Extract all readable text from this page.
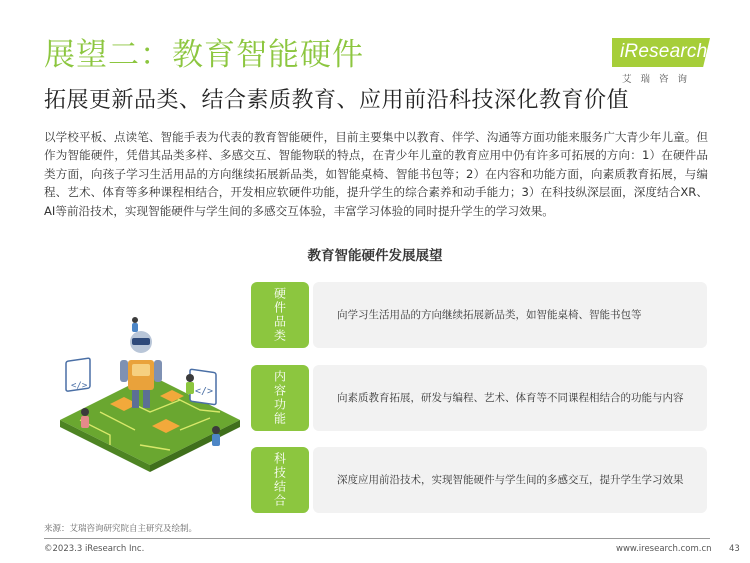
展望二：教育智能硬件
拓展更新品类、结合素质教育、应用前沿科技深化教育价值
iResearch
艾瑞咨询
以学校平板、点读笔、智能手表为代表的教育智能硬件，目前主要集中以教育、伴学、沟通等方面功能来服务广大青少年儿童。但作为智能硬件，凭借其品类多样、多感交互、智能物联的特点，在青少年儿童的教育应用中仍有许多可拓展的方向：1）在硬件品类方面，向孩子学习生活用品的方向继续拓展新品类，如智能桌椅、智能书包等；2）在内容和功能方面，向素质教育拓展，与编程、艺术、体育等多种课程相结合，开发相应软硬件功能，提升学生的综合素养和动手能力；3）在科技纵深层面，深度结合XR、AI等前沿技术，实现智能硬件与学生间的多感交互体验，丰富学习体验的同时提升学生的学习效果。
教育智能硬件发展展望
</>	</>
硬件品类	向学习生活用品的方向继续拓展新品类，如智能桌椅、智能书包等
内容功能	向素质教育拓展，研发与编程、艺术、体育等不同课程相结合的功能与内容
科技结合	深度应用前沿技术，实现智能硬件与学生间的多感交互，提升学生学习效果
来源：艾瑞咨询研究院自主研究及绘制。
©2023.3 iResearch Inc.	www.iresearch.com.cn 43
